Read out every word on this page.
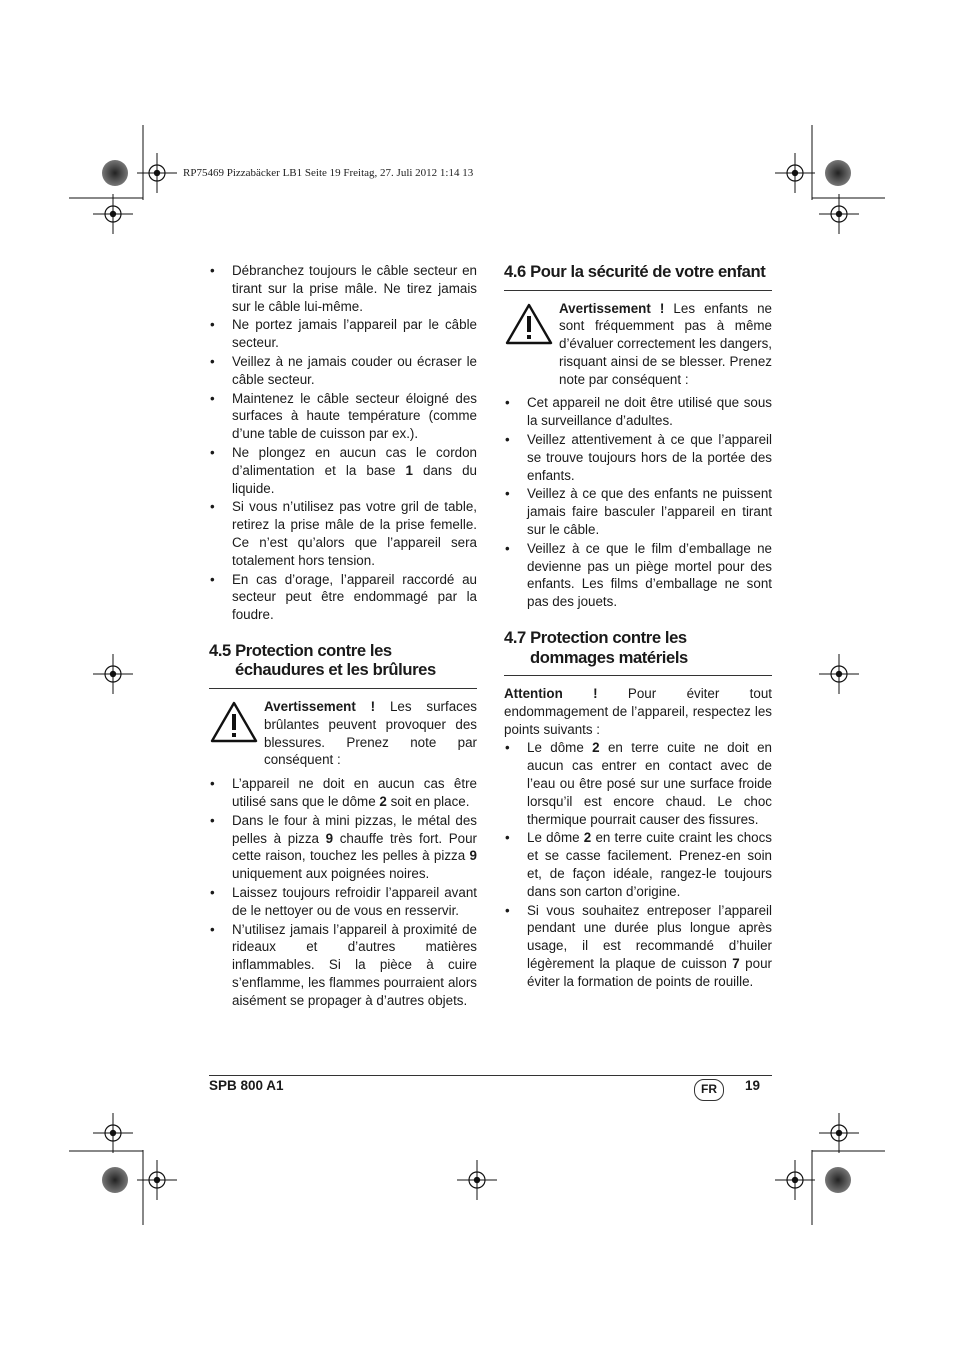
RP75469 Pizzabäcker LB1 Seite 19 Freitag, 27. Juli 2012 1:14 13
• Débranchez toujours le câble secteur en tirant sur la prise mâle. Ne tirez jamais sur le câble lui-même.
• Ne portez jamais l’appareil par le câble secteur.
• Veillez à ne jamais couder ou écraser le câble secteur.
• Maintenez le câble secteur éloigné des surfaces à haute température (comme d’une table de cuisson par ex.).
• Ne plongez en aucun cas le cordon d’alimentation et la base 1 dans du liquide.
• Si vous n’utilisez pas votre gril de table, retirez la prise mâle de la prise femelle. Ce n’est qu’alors que l’appareil sera totalement hors tension.
• En cas d’orage, l’appareil raccordé au secteur peut être endommagé par la foudre.
4.5 Protection contre les échaudures et les brûlures
Avertissement ! Les surfaces brûlantes peuvent provoquer des blessures. Prenez note par conséquent :
• L’appareil ne doit en aucun cas être utilisé sans que le dôme 2 soit en place.
• Dans le four à mini pizzas, le métal des pelles à pizza 9 chauffe très fort. Pour cette raison, touchez les pelles à pizza 9 uniquement aux poignées noires.
• Laissez toujours refroidir l’appareil avant de le nettoyer ou de vous en resservir.
• N’utilisez jamais l’appareil à proximité de rideaux et d’autres matières inflammables. Si la pièce à cuire s’enflamme, les flammes pourraient alors aisément se propager à d’autres objets.
4.6 Pour la sécurité de votre enfant
Avertissement ! Les enfants ne sont fréquemment pas à même d’évaluer correctement les dangers, risquant ainsi de se blesser. Prenez note par conséquent :
• Cet appareil ne doit être utilisé que sous la surveillance d’adultes.
• Veillez attentivement à ce que l’appareil se trouve toujours hors de la portée des enfants.
• Veillez à ce que des enfants ne puissent jamais faire basculer l’appareil en tirant sur le câble.
• Veillez à ce que le film d’emballage ne devienne pas un piège mortel pour des enfants. Les films d’emballage ne sont pas des jouets.
4.7 Protection contre les dommages matériels

Attention ! Pour éviter tout endommagement de l’appareil, respectez les points suivants :

• Le dôme 2 en terre cuite ne doit en aucun cas entrer en contact avec de l’eau ou être posé sur une surface froide lorsqu’il est encore chaud. Le choc thermique pourrait causer des fissures.
• Le dôme 2 en terre cuite craint les chocs et se casse facilement. Prenez-en soin et, de façon idéale, rangez-le toujours dans son carton d’origine.
• Si vous souhaitez entreposer l’appareil pendant une durée plus longue après usage, il est recommandé d’huiler légèrement la plaque de cuisson 7 pour éviter la formation de points de rouille.
SPB 800 A1	FR	19
